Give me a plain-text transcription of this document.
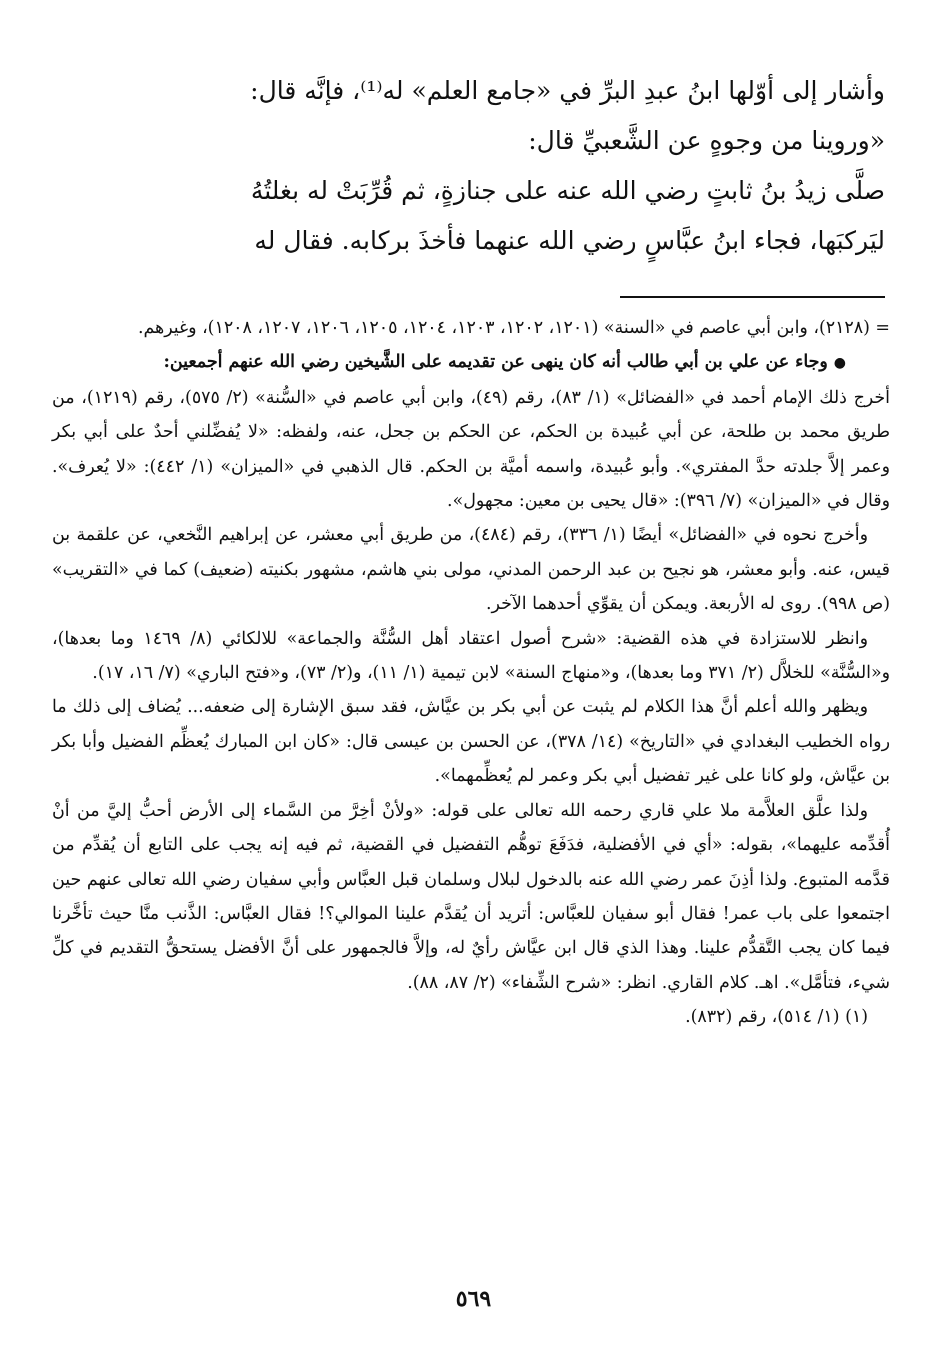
وأشار إلى أوّلها ابنُ عبدِ البرِّ في «جامع العلم» له⁽¹⁾، فإنَّه قال:

«وروينا من وجوهٍ عن الشَّعبيِّ قال:

صلَّى زيدُ بنُ ثابتٍ رضي الله عنه على جنازةٍ، ثم قُرِّبَتْ له بغلتُهُ

ليَركبَها، فجاء ابنُ عبَّاسٍ رضي الله عنهما فأخذَ بركابه. فقال له

= (٢١٢٨)، وابن أبي عاصم في «السنة» (١٢٠١، ١٢٠٢، ١٢٠٣، ١٢٠٤، ١٢٠٥، ١٢٠٦، ١٢٠٧، ١٢٠٨)، وغيرهم.

●وجاء عن علي بن أبي طالب أنه كان ينهى عن تقديمه على الشَّيخين رضي الله عنهم أجمعين:

أخرج ذلك الإمام أحمد في «الفضائل» (١/ ٨٣)، رقم (٤٩)، وابن أبي عاصم في «السُّنة» (٢/ ٥٧٥)، رقم (١٢١٩)، من طريق محمد بن طلحة، عن أبي عُبيدة بن الحكم، عن الحكم بن جحل، عنه، ولفظه: «لا يُفضِّلني أحدٌ على أبي بكر وعمر إلاَّ جلدته حدَّ المفتري». وأبو عُبيدة، واسمه أميَّة بن الحكم. قال الذهبي في «الميزان» (١/ ٤٤٢): «لا يُعرف». وقال في «الميزان» (٧/ ٣٩٦): «قال يحيى بن معين: مجهول».

وأخرج نحوه في «الفضائل» أيضًا (١/ ٣٣٦)، رقم (٤٨٤)، من طريق أبي معشر، عن إبراهيم النَّخعي، عن علقمة بن قيس، عنه. وأبو معشر، هو نجيح بن عبد الرحمن المدني، مولى بني هاشم، مشهور بكنيته (ضعيف) كما في «التقريب» (ص ٩٩٨). روى له الأربعة. ويمكن أن يقوِّي أحدهما الآخر.

وانظر للاستزادة في هذه القضية: «شرح أصول اعتقاد أهل السُّنَّة والجماعة» للالكائي (٨/ ١٤٦٩ وما بعدها)، و«السُّنَّة» للخلاَّل (٢/ ٣٧١ وما بعدها)، و«منهاج السنة» لابن تيمية (١/ ١١)، و(٢/ ٧٣)، و«فتح الباري» (٧/ ١٦، ١٧).

ويظهر والله أعلم أنَّ هذا الكلام لم يثبت عن أبي بكر بن عيَّاش، فقد سبق الإشارة إلى ضعفه... يُضاف إلى ذلك ما رواه الخطيب البغدادي في «التاريخ» (١٤/ ٣٧٨)، عن الحسن بن عيسى قال: «كان ابن المبارك يُعظِّم الفضيل وأبا بكر بن عيَّاش، ولو كانا على غير تفضيل أبي بكر وعمر لم يُعظِّمهما».

ولذا علَّق العلاَّمة ملا علي قاري رحمه الله تعالى على قوله: «ولأنْ أخِرَّ من السَّماء إلى الأرض أحبُّ إليَّ من أنْ أُقدِّمه عليهما»، بقوله: «أي في الأفضلية، فدَفَعَ توهُّم التفضيل في القضية، ثم فيه إنه يجب على التابع أن يُقدِّم من قدَّمه المتبوع. ولذا أذِنَ عمر رضي الله عنه بالدخول لبلال وسلمان قبل العبَّاس وأبي سفيان رضي الله تعالى عنهم حين اجتمعوا على باب عمر! فقال أبو سفيان للعبَّاس: أتريد أن يُقدَّم علينا الموالي؟! فقال العبَّاس: الذَّنب منَّا حيث تأخَّرنا فيما كان يجب التَّقدُّم علينا. وهذا الذي قال ابن عيَّاش رأيٌ له، وإلاَّ فالجمهور على أنَّ الأفضل يستحقُّ التقديم في كلِّ شيء، فتأمَّل». اهـ. كلام القاري. انظر: «شرح الشِّفاء» (٢/ ٨٧، ٨٨).

(١) (١/ ٥١٤)، رقم (٨٣٢).

٥٦٩
